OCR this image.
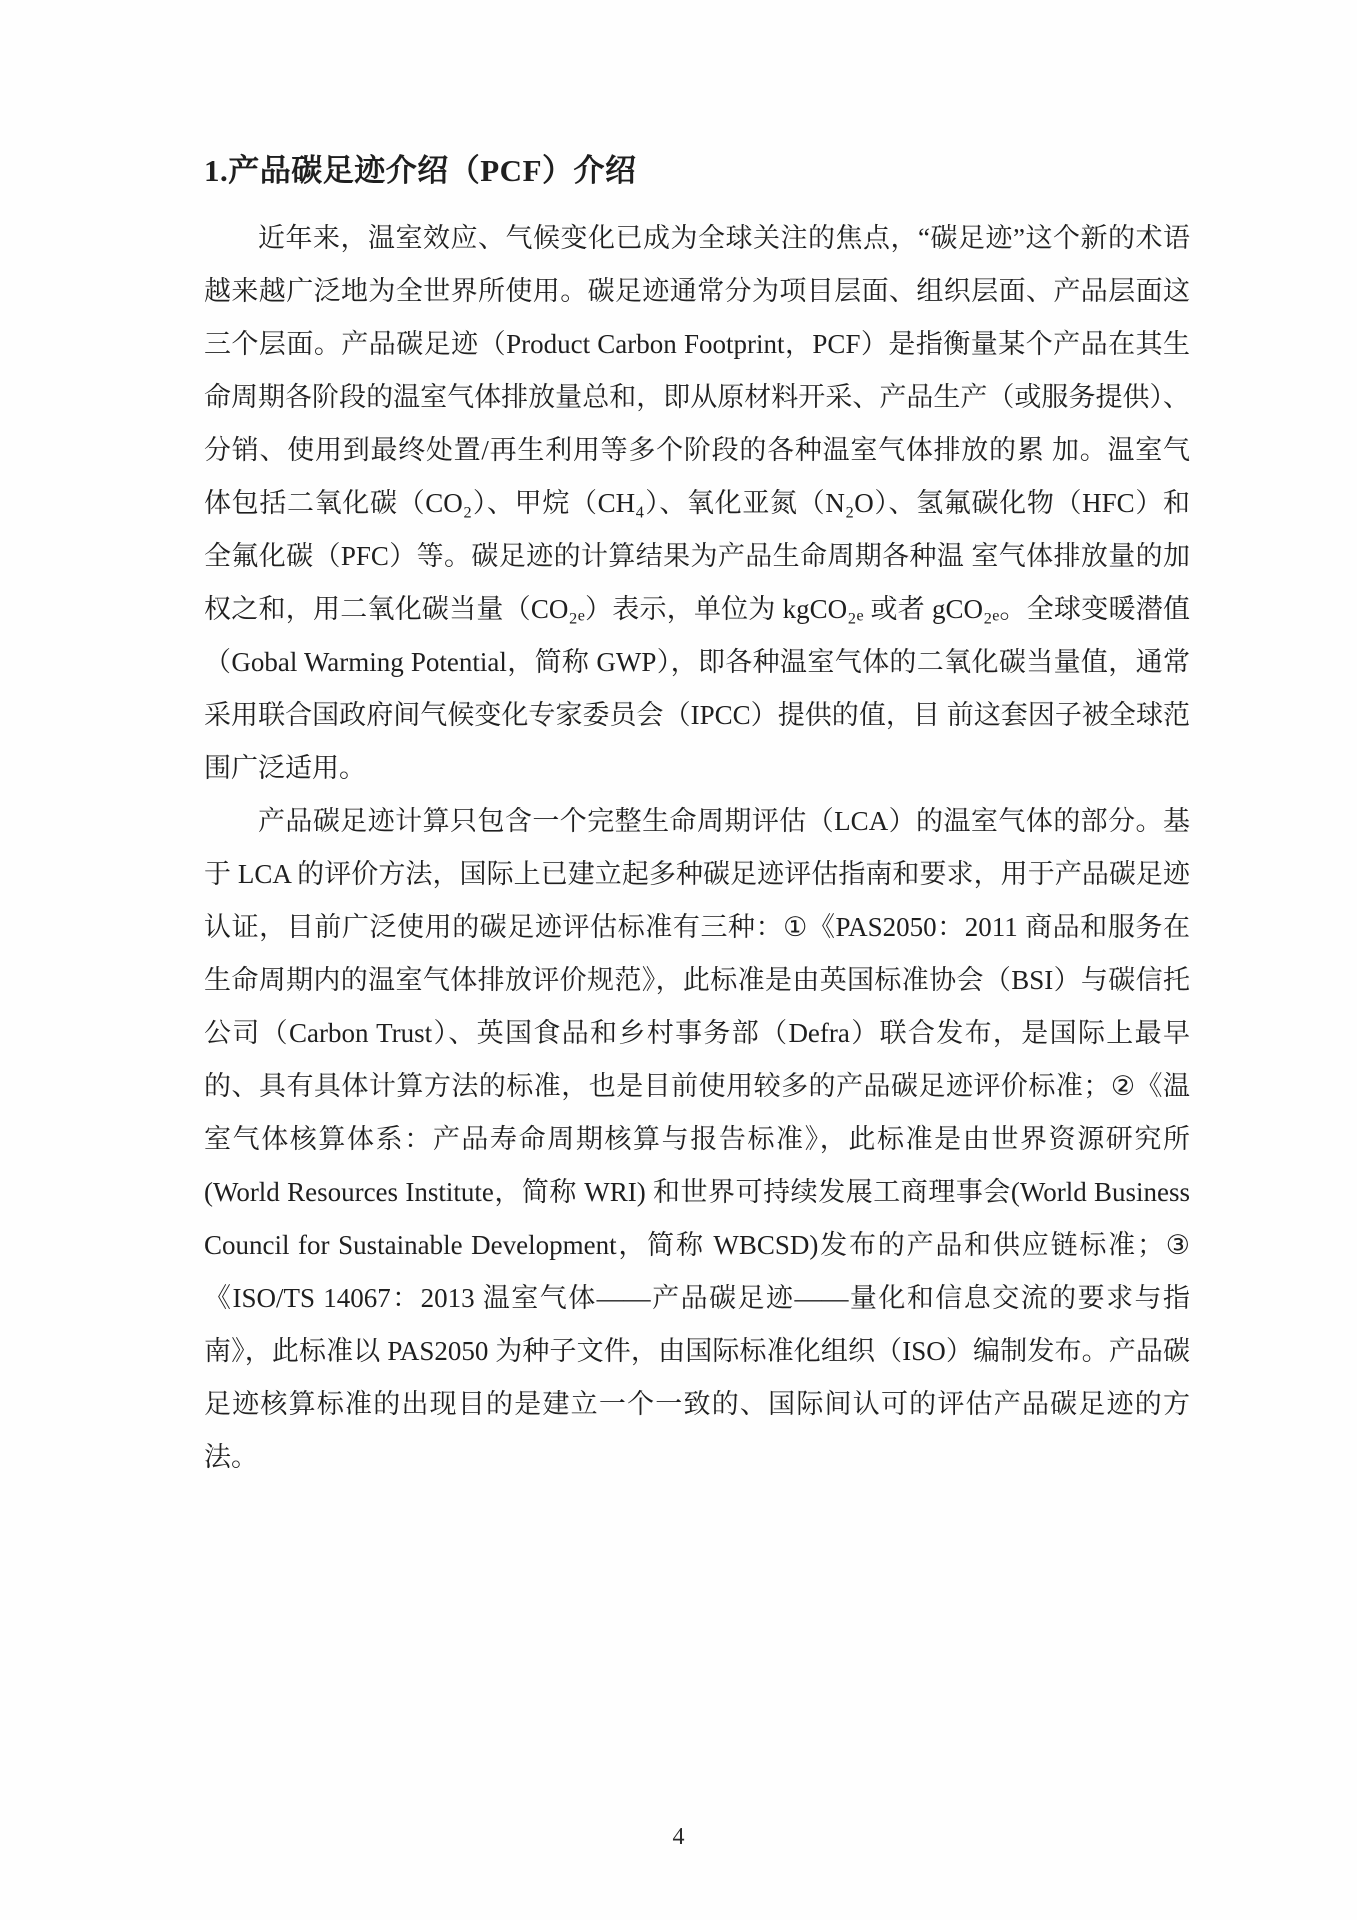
1.产品碳足迹介绍（PCF）介绍

近年来，温室效应、气候变化已成为全球关注的焦点，“碳足迹”这个新的术语越来越广泛地为全世界所使用。碳足迹通常分为项目层面、组织层面、产品层面这三个层面。产品碳足迹（Product Carbon Footprint，PCF）是指衡量某个产品在其生命周期各阶段的温室气体排放量总和，即从原材料开采、产品生产（或服务提供）、分销、使用到最终处置/再生利用等多个阶段的各种温室气体排放的累 加。温室气体包括二氧化碳（CO₂）、甲烷（CH₄）、氧化亚氮（N₂O）、氢氟碳化物（HFC）和全氟化碳（PFC）等。碳足迹的计算结果为产品生命周期各种温 室气体排放量的加权之和，用二氧化碳当量（CO₂ₑ）表示，单位为 kgCO₂ₑ 或者 gCO₂ₑ。全球变暖潜值（Gobal Warming Potential，简称 GWP），即各种温室气体的二氧化碳当量值，通常采用联合国政府间气候变化专家委员会（IPCC）提供的值，目 前这套因子被全球范围广泛适用。

产品碳足迹计算只包含一个完整生命周期评估（LCA）的温室气体的部分。基于 LCA 的评价方法，国际上已建立起多种碳足迹评估指南和要求，用于产品碳足迹认证，目前广泛使用的碳足迹评估标准有三种：①《PAS2050：2011 商品和服务在生命周期内的温室气体排放评价规范》，此标准是由英国标准协会（BSI）与碳信托公司（Carbon Trust）、英国食品和乡村事务部（Defra）联合发布，是国际上最早的、具有具体计算方法的标准，也是目前使用较多的产品碳足迹评价标准；②《温室气体核算体系：产品寿命周期核算与报告标准》，此标准是由世界资源研究所(World Resources Institute，简称 WRI) 和世界可持续发展工商理事会(World Business Council for Sustainable Development，简称 WBCSD)发布的产品和供应链标准；③《ISO/TS 14067：2013 温室气体——产品碳足迹——量化和信息交流的要求与指南》，此标准以 PAS2050 为种子文件，由国际标准化组织（ISO）编制发布。产品碳足迹核算标准的出现目的是建立一个一致的、国际间认可的评估产品碳足迹的方法。

4
